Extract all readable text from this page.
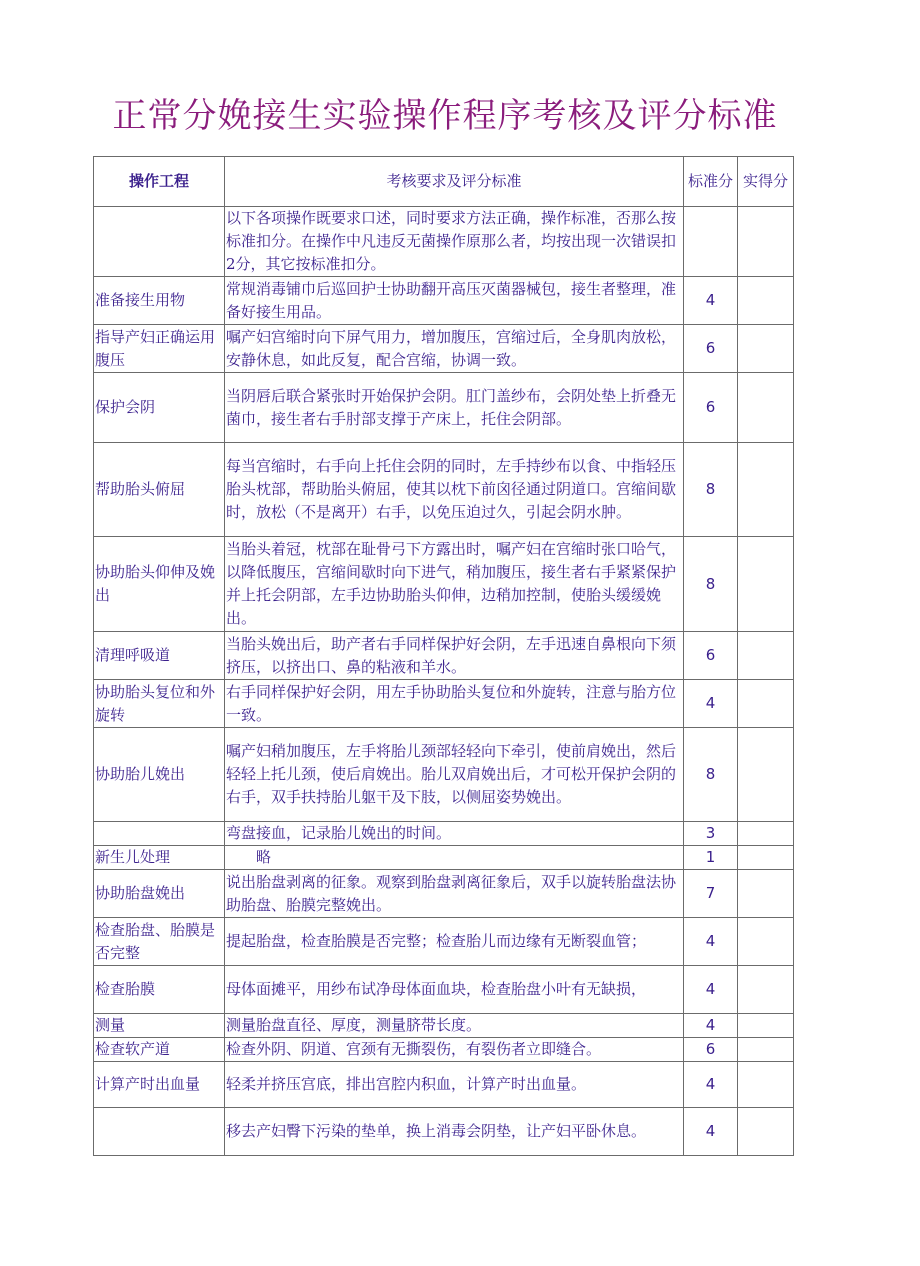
正常分娩接生实验操作程序考核及评分标准
操作工程	考核要求及评分标准	标准分	实得分
	以下各项操作既要求口述，同时要求方法正确，操作标准，否那么按标准扣分。在操作中凡违反无菌操作原那么者，均按出现一次错误扣2分，其它按标准扣分。		
准备接生用物	常规消毒铺巾后巡回护士协助翻开高压灭菌器械包，接生者整理，准备好接生用品。	4	
指导产妇正确运用腹压	嘱产妇宫缩时向下屏气用力，增加腹压，宫缩过后，全身肌肉放松，安静休息，如此反复，配合宫缩，协调一致。	6	
保护会阴	当阴唇后联合紧张时开始保护会阴。肛门盖纱布，会阴处垫上折叠无菌巾，接生者右手肘部支撑于产床上，托住会阴部。	6	
帮助胎头俯屈	每当宫缩时，右手向上托住会阴的同时，左手持纱布以食、中指轻压胎头枕部，帮助胎头俯屈，使其以枕下前囟径通过阴道口。宫缩间歇时，放松（不是离开）右手，以免压迫过久，引起会阴水肿。	8	
协助胎头仰伸及娩出	当胎头着冠，枕部在耻骨弓下方露出时，嘱产妇在宫缩时张口哈气，以降低腹压，宫缩间歇时向下进气，稍加腹压，接生者右手紧紧保护并上托会阴部，左手边协助胎头仰伸，边稍加控制，使胎头缓缓娩出。	8	
清理呼吸道	当胎头娩出后，助产者右手同样保护好会阴，左手迅速自鼻根向下须挤压，以挤出口、鼻的粘液和羊水。	6	
协助胎头复位和外旋转	右手同样保护好会阴，用左手协助胎头复位和外旋转，注意与胎方位一致。	4	
协助胎儿娩出	嘱产妇稍加腹压，左手将胎儿颈部轻轻向下牵引，使前肩娩出，然后轻轻上托儿颈，使后肩娩出。胎儿双肩娩出后，才可松开保护会阴的右手，双手扶持胎儿躯干及下肢，以侧屈姿势娩出。	8	
	弯盘接血，记录胎儿娩出的时间。	3	
新生儿处理	　　略	1	
协助胎盘娩出	说出胎盘剥离的征象。观察到胎盘剥离征象后，双手以旋转胎盘法协助胎盘、胎膜完整娩出。	7	
检查胎盘、胎膜是否完整	提起胎盘，检查胎膜是否完整；检查胎儿而边缘有无断裂血管；	4	
检查胎膜	母体面摊平，用纱布试净母体面血块，检查胎盘小叶有无缺损，	4	
测量	测量胎盘直径、厚度，测量脐带长度。	4	
检查软产道	检查外阴、阴道、宫颈有无撕裂伤，有裂伤者立即缝合。	6	
计算产时出血量	轻柔并挤压宫底，排出宫腔内积血，计算产时出血量。	4	
	移去产妇臀下污染的垫单，换上消毒会阴垫，让产妇平卧休息。	4	
